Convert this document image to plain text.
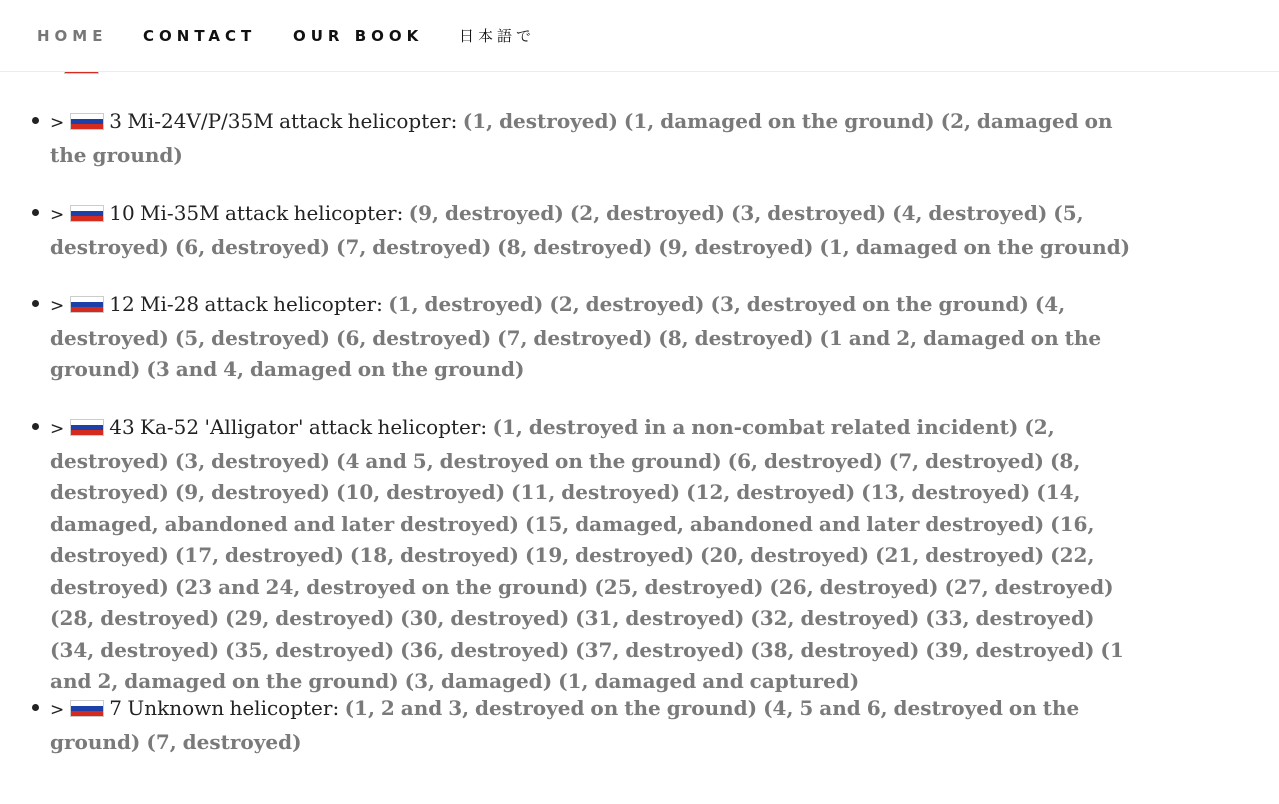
> 3 Mi-24V/P/35M attack helicopter: (1, destroyed) (1, damaged on the ground) (2, damaged on the ground)
> 10 Mi-35M attack helicopter: (9, destroyed) (2, destroyed) (3, destroyed) (4, destroyed) (5, destroyed) (6, destroyed) (7, destroyed) (8, destroyed) (9, destroyed) (1, damaged on the ground)
> 12 Mi-28 attack helicopter: (1, destroyed) (2, destroyed) (3, destroyed on the ground) (4, destroyed) (5, destroyed) (6, destroyed) (7, destroyed) (8, destroyed) (1 and 2, damaged on the ground) (3 and 4, damaged on the ground)
> 43 Ka-52 'Alligator' attack helicopter: (1, destroyed in a non-combat related incident) (2, destroyed) (3, destroyed) (4 and 5, destroyed on the ground) (6, destroyed) (7, destroyed) (8, destroyed) (9, destroyed) (10, destroyed) (11, destroyed) (12, destroyed) (13, destroyed) (14, damaged, abandoned and later destroyed) (15, damaged, abandoned and later destroyed) (16, destroyed) (17, destroyed) (18, destroyed) (19, destroyed) (20, destroyed) (21, destroyed) (22, destroyed) (23 and 24, destroyed on the ground) (25, destroyed) (26, destroyed) (27, destroyed) (28, destroyed) (29, destroyed) (30, destroyed) (31, destroyed) (32, destroyed) (33, destroyed) (34, destroyed) (35, destroyed) (36, destroyed) (37, destroyed) (38, destroyed) (39, destroyed) (1 and 2, damaged on the ground) (3, damaged) (1, damaged and captured)
> 7 Unknown helicopter: (1, 2 and 3, destroyed on the ground) (4, 5 and 6, destroyed on the ground) (7, destroyed)
HOME CONTACT OUR BOOK 日本語で
